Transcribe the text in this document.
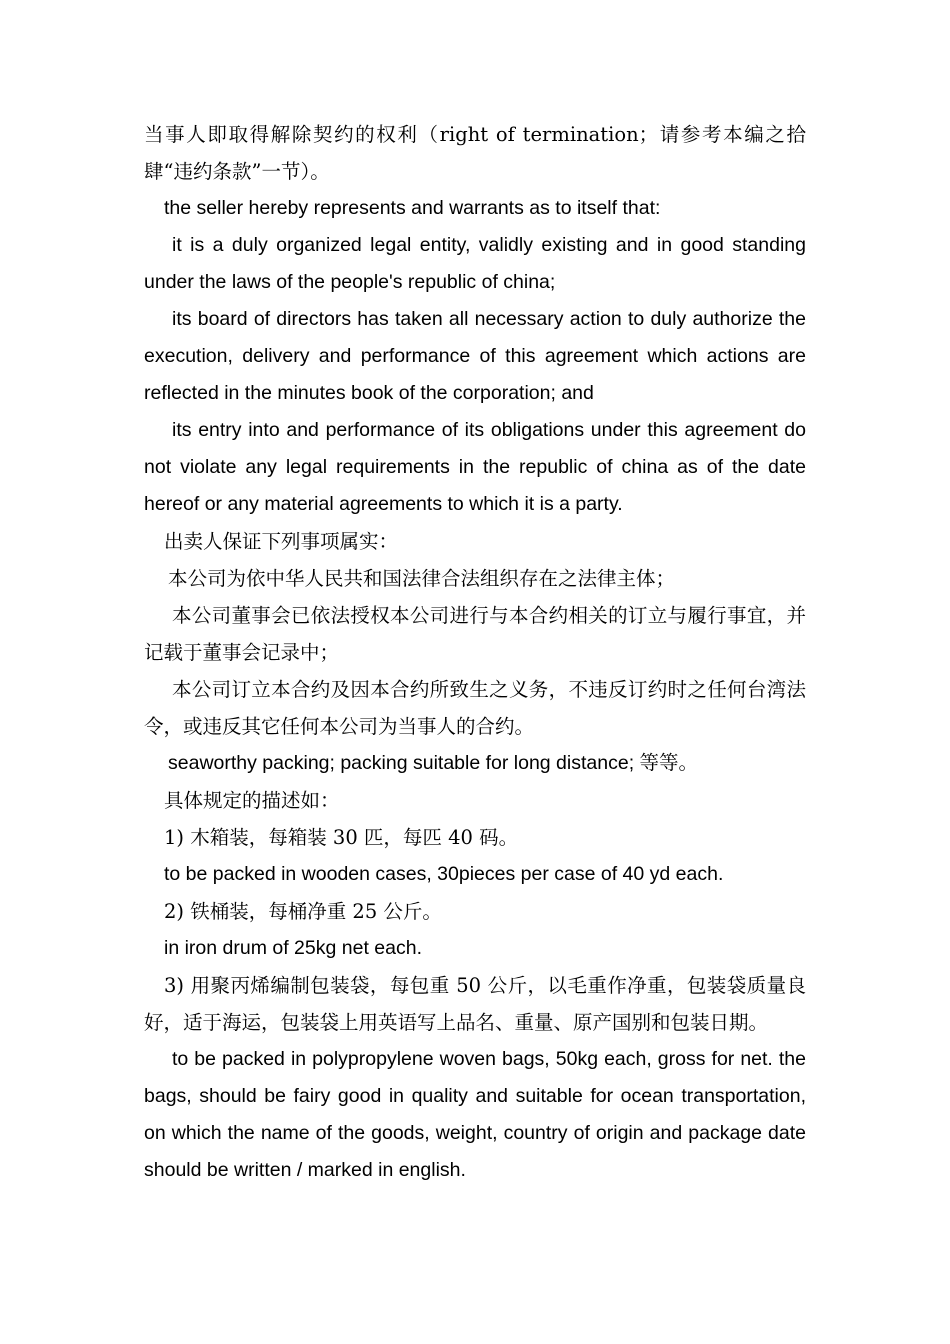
当事人即取得解除契约的权利（right of termination；请参考本编之拾肆“违约条款”一节）。

the seller hereby represents and warrants as to itself that:

it is a duly organized legal entity, validly existing and in good standing under the laws of the people's republic of china;

its board of directors has taken all necessary action to duly authorize the execution, delivery and performance of this agreement which actions are reflected in the minutes book of the corporation; and

its entry into and performance of its obligations under this agreement do not violate any legal requirements in the republic of china as of the date hereof or any material agreements to which it is a party.

出卖人保证下列事项属实：

本公司为依中华人民共和国法律合法组织存在之法律主体；

本公司董事会已依法授权本公司进行与本合约相关的订立与履行事宜，并记载于董事会记录中；

本公司订立本合约及因本合约所致生之义务，不违反订约时之任何台湾法令，或违反其它任何本公司为当事人的合约。

seaworthy packing; packing suitable for long distance; 等等。

具体规定的描述如：

1) 木箱装，每箱装 30 匹，每匹 40 码。

to be packed in wooden cases, 30pieces per case of 40 yd each.

2) 铁桶装，每桶净重 25 公斤。

in iron drum of 25kg net each.

3) 用聚丙烯编制包装袋，每包重 50 公斤，以毛重作净重，包装袋质量良好，适于海运，包装袋上用英语写上品名、重量、原产国别和包装日期。

to be packed in polypropylene woven bags, 50kg each, gross for net. the bags, should be fairy good in quality and suitable for ocean transportation, on which the name of the goods, weight, country of origin and package date should be written / marked in english.
